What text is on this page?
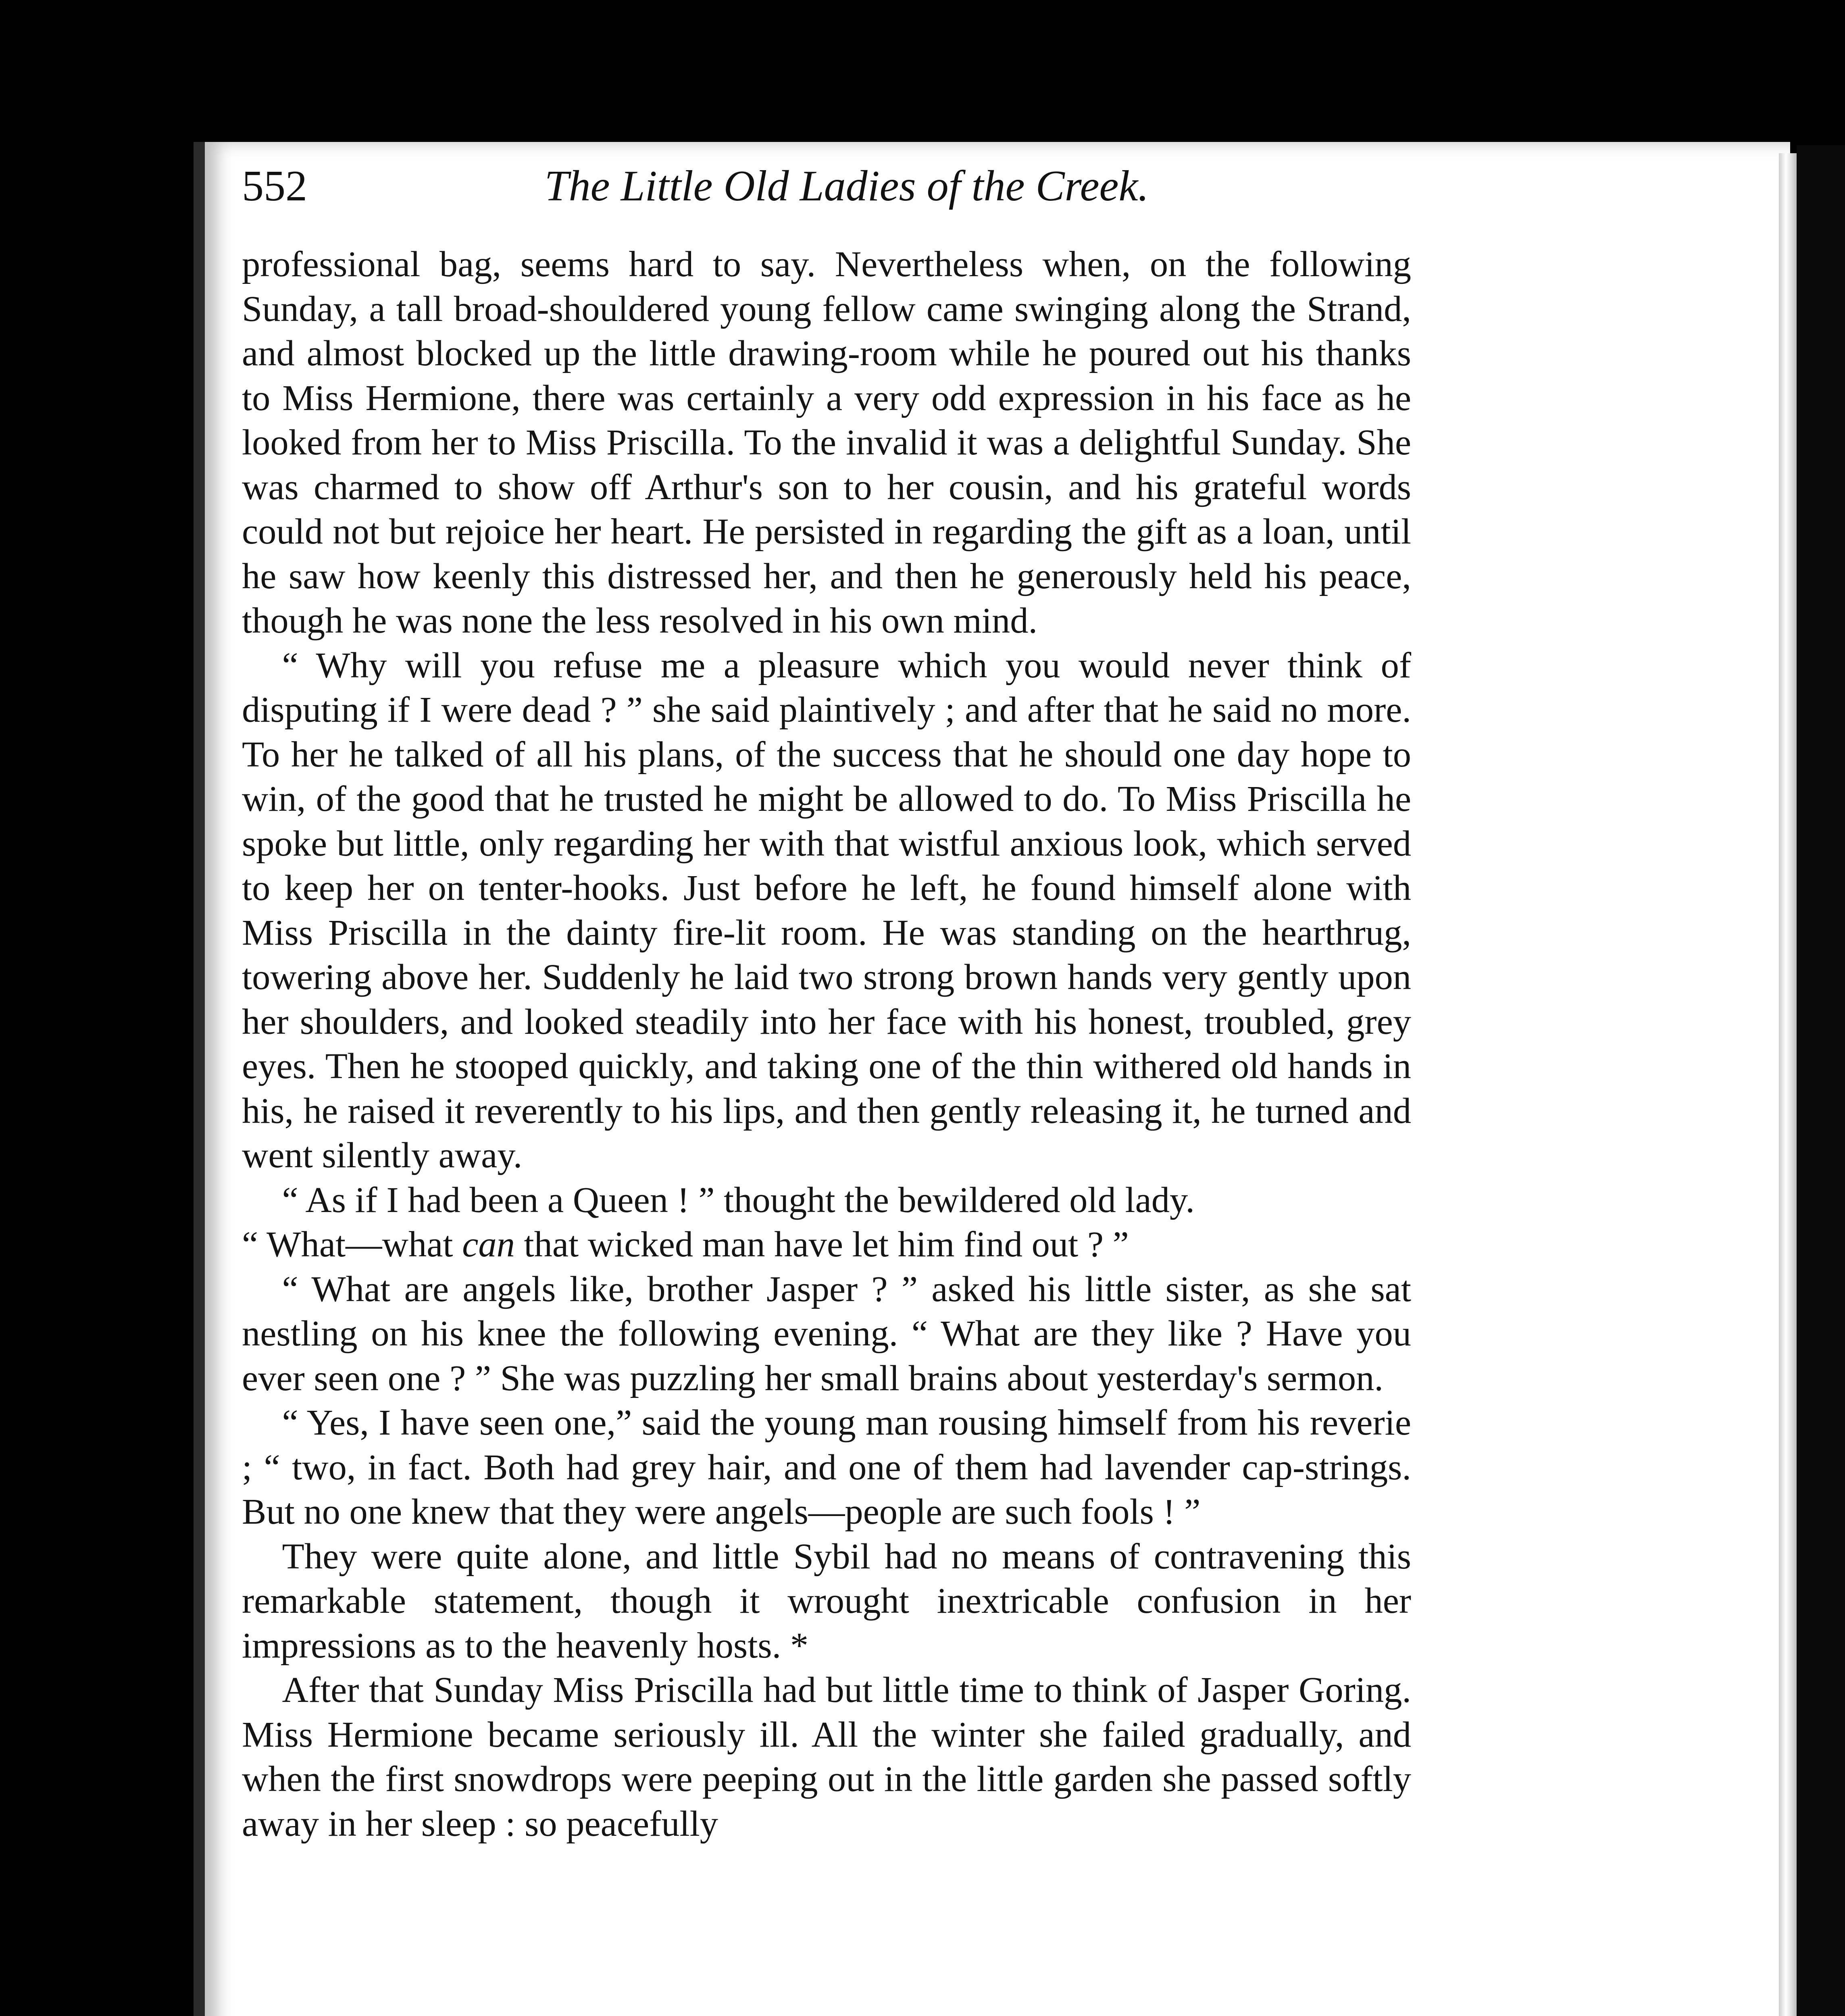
552	The Little Old Ladies of the Creek.

professional bag, seems hard to say. Nevertheless when, on the following Sunday, a tall broad-shouldered young fellow came swinging along the Strand, and almost blocked up the little drawing-room while he poured out his thanks to Miss Hermione, there was certainly a very odd expression in his face as he looked from her to Miss Priscilla. To the invalid it was a delightful Sunday. She was charmed to show off Arthur's son to her cousin, and his grateful words could not but rejoice her heart. He persisted in regarding the gift as a loan, until he saw how keenly this distressed her, and then he generously held his peace, though he was none the less resolved in his own mind.

“ Why will you refuse me a pleasure which you would never think of disputing if I were dead ? ” she said plaintively ; and after that he said no more. To her he talked of all his plans, of the success that he should one day hope to win, of the good that he trusted he might be allowed to do. To Miss Priscilla he spoke but little, only regarding her with that wistful anxious look, which served to keep her on tenter-hooks. Just before he left, he found himself alone with Miss Priscilla in the dainty fire-lit room. He was standing on the hearthrug, towering above her. Suddenly he laid two strong brown hands very gently upon her shoulders, and looked steadily into her face with his honest, troubled, grey eyes. Then he stooped quickly, and taking one of the thin withered old hands in his, he raised it reverently to his lips, and then gently releasing it, he turned and went silently away.

“ As if I had been a Queen ! ” thought the bewildered old lady.

“ What—what can that wicked man have let him find out ? ”

“ What are angels like, brother Jasper ? ” asked his little sister, as she sat nestling on his knee the following evening. “ What are they like ? Have you ever seen one ? ” She was puzzling her small brains about yesterday's sermon.

“ Yes, I have seen one,” said the young man rousing himself from his reverie ; “ two, in fact. Both had grey hair, and one of them had lavender cap-strings. But no one knew that they were angels—people are such fools ! ”

They were quite alone, and little Sybil had no means of contravening this remarkable statement, though it wrought inextricable confusion in her impressions as to the heavenly hosts. *

After that Sunday Miss Priscilla had but little time to think of Jasper Goring. Miss Hermione became seriously ill. All the winter she failed gradually, and when the first snowdrops were peeping out in the little garden she passed softly away in her sleep : so peacefully
